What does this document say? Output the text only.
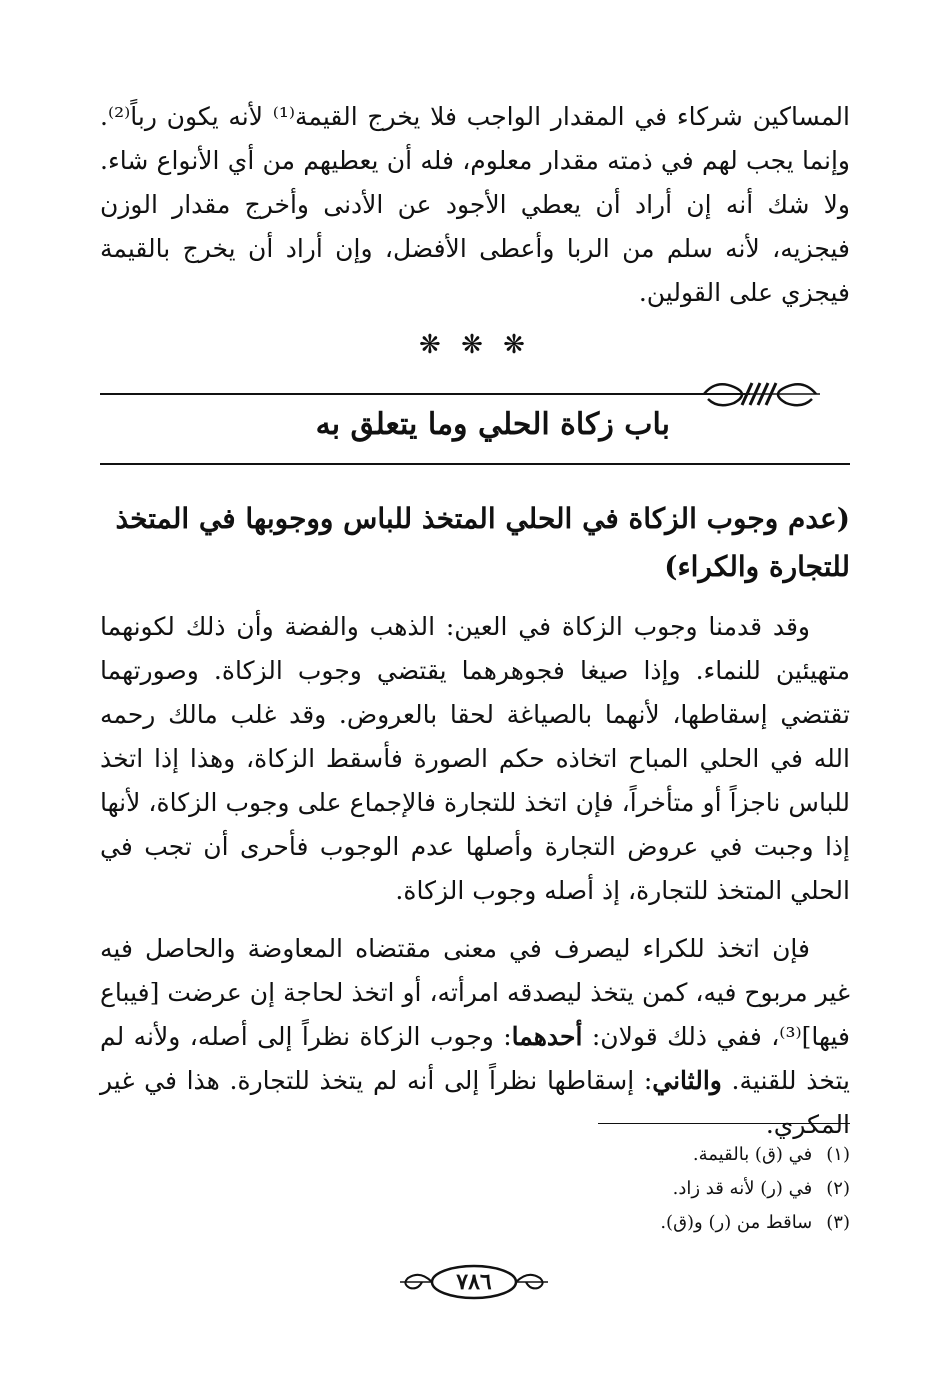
المساكين شركاء في المقدار الواجب فلا يخرج القيمة⁽¹⁾ لأنه يكون رباً⁽²⁾. وإنما يجب لهم في ذمته مقدار معلوم، فله أن يعطيهم من أي الأنواع شاء. ولا شك أنه إن أراد أن يعطي الأجود عن الأدنى وأخرج مقدار الوزن فيجزيه، لأنه سلم من الربا وأعطى الأفضل، وإن أراد أن يخرج بالقيمة فيجزي على القولين.

❋ ❋ ❋
باب زكاة الحلي وما يتعلق به
(عدم وجوب الزكاة في الحلي المتخذ للباس ووجوبها في المتخذ للتجارة والكراء)

وقد قدمنا وجوب الزكاة في العين: الذهب والفضة وأن ذلك لكونهما متهيئين للنماء. وإذا صيغا فجوهرهما يقتضي وجوب الزكاة. وصورتهما تقتضي إسقاطها، لأنهما بالصياغة لحقا بالعروض. وقد غلب مالك رحمه الله في الحلي المباح اتخاذه حكم الصورة فأسقط الزكاة، وهذا إذا اتخذ للباس ناجزاً أو متأخراً، فإن اتخذ للتجارة فالإجماع على وجوب الزكاة، لأنها إذا وجبت في عروض التجارة وأصلها عدم الوجوب فأحرى أن تجب في الحلي المتخذ للتجارة، إذ أصله وجوب الزكاة.

فإن اتخذ للكراء ليصرف في معنى مقتضاه المعاوضة والحاصل فيه غير مربوح فيه، كمن يتخذ ليصدقه امرأته، أو اتخذ لحاجة إن عرضت [فيباع فيها]⁽³⁾، ففي ذلك قولان: أحدهما: وجوب الزكاة نظراً إلى أصله، ولأنه لم يتخذ للقنية. والثاني: إسقاطها نظراً إلى أنه لم يتخذ للتجارة. هذا في غير المكري.

(١)في (ق) بالقيمة.
(٢)في (ر) لأنه قد زاد.
(٣)ساقط من (ر) و(ق).
٧٨٦
